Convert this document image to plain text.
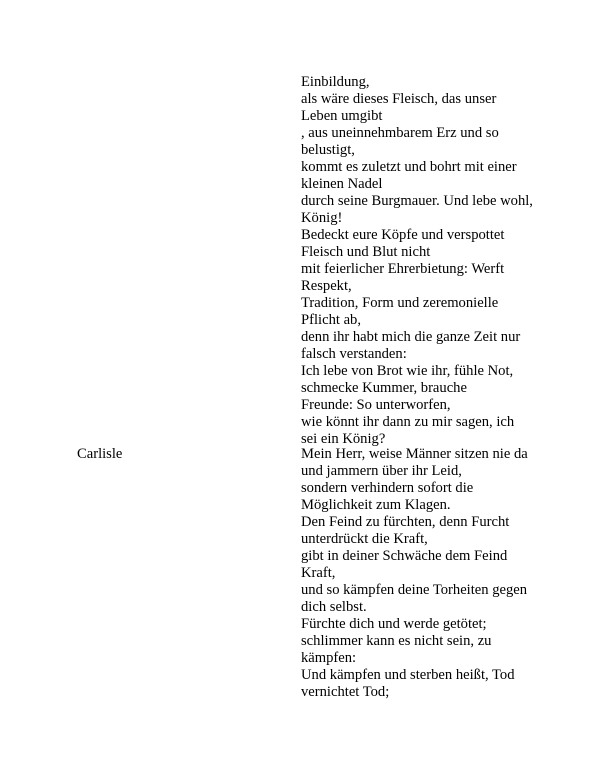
Einbildung,
als wäre dieses Fleisch, das unser Leben umgibt
, aus uneinnehmbarem Erz und so belustigt,
kommt es zuletzt und bohrt mit einer kleinen Nadel
durch seine Burgmauer. Und lebe wohl, König!
Bedeckt eure Köpfe und verspottet Fleisch und Blut nicht
mit feierlicher Ehrerbietung: Werft Respekt,
Tradition, Form und zeremonielle Pflicht ab,
denn ihr habt mich die ganze Zeit nur falsch verstanden:
Ich lebe von Brot wie ihr, fühle Not, schmecke Kummer, brauche
Freunde: So unterworfen,
wie könnt ihr dann zu mir sagen, ich sei ein König?
Carlisle	Mein Herr, weise Männer sitzen nie da und jammern über ihr Leid,
sondern verhindern sofort die Möglichkeit zum Klagen.
Den Feind zu fürchten, denn Furcht unterdrückt die Kraft,
gibt in deiner Schwäche dem Feind Kraft,
und so kämpfen deine Torheiten gegen dich selbst.
Fürchte dich und werde getötet; schlimmer kann es nicht sein, zu kämpfen:
Und kämpfen und sterben heißt, Tod vernichtet Tod;
